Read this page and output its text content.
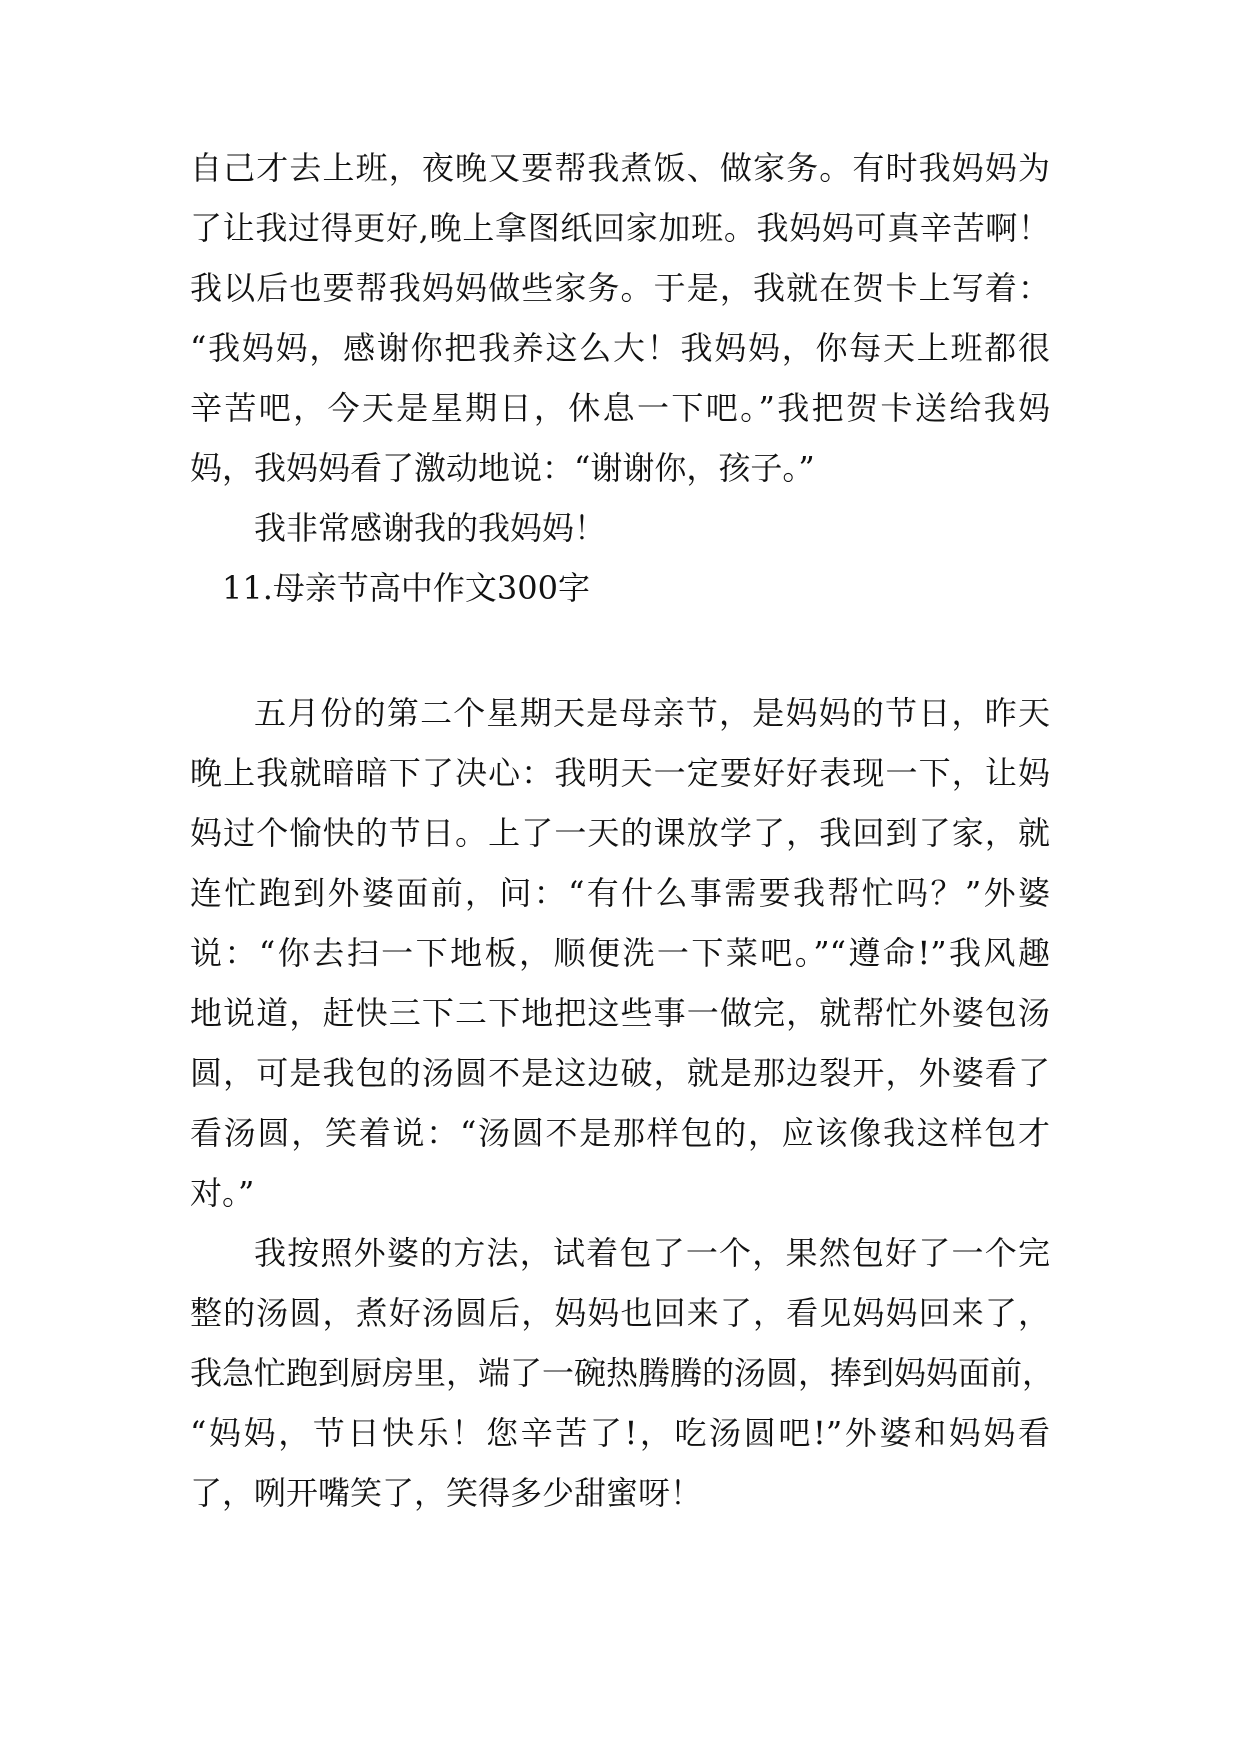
自己才去上班，夜晚又要帮我煮饭、做家务。有时我妈妈为
了让我过得更好,晚上拿图纸回家加班。我妈妈可真辛苦啊！
我以后也要帮我妈妈做些家务。于是，我就在贺卡上写着：
“我妈妈，感谢你把我养这么大！我妈妈，你每天上班都很
辛苦吧，今天是星期日，休息一下吧。”我把贺卡送给我妈
妈，我妈妈看了激动地说：“谢谢你，孩子。”
我非常感谢我的我妈妈！
11.母亲节高中作文300字
五月份的第二个星期天是母亲节，是妈妈的节日，昨天
晚上我就暗暗下了决心：我明天一定要好好表现一下，让妈
妈过个愉快的节日。上了一天的课放学了，我回到了家，就
连忙跑到外婆面前，问：“有什么事需要我帮忙吗？”外婆
说：“你去扫一下地板，顺便洗一下菜吧。”“遵命!”我风趣
地说道，赶快三下二下地把这些事一做完，就帮忙外婆包汤
圆，可是我包的汤圆不是这边破，就是那边裂开，外婆看了
看汤圆，笑着说：“汤圆不是那样包的，应该像我这样包才
对。”
我按照外婆的方法，试着包了一个，果然包好了一个完
整的汤圆，煮好汤圆后，妈妈也回来了，看见妈妈回来了，
我急忙跑到厨房里，端了一碗热腾腾的汤圆，捧到妈妈面前，
“妈妈，节日快乐！您辛苦了!，吃汤圆吧!”外婆和妈妈看
了，咧开嘴笑了，笑得多少甜蜜呀！
